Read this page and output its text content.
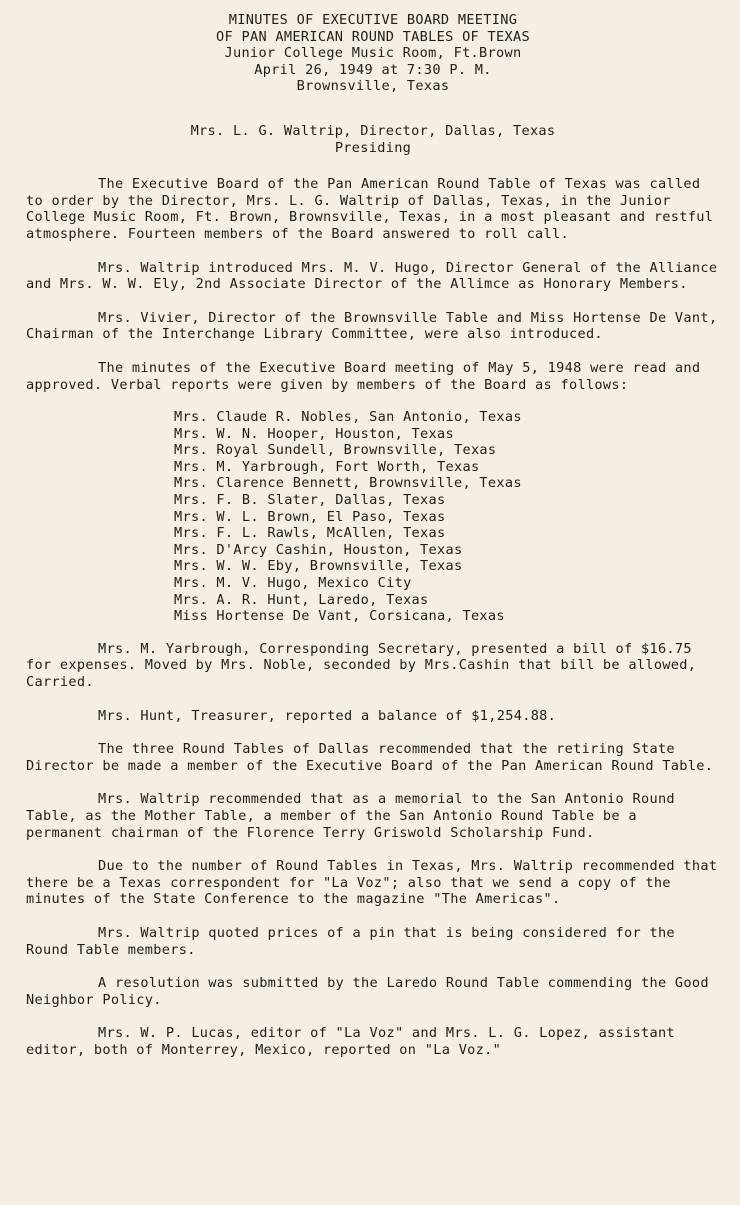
MINUTES OF EXECUTIVE BOARD MEETING
OF PAN AMERICAN ROUND TABLES OF TEXAS
Junior College Music Room, Ft.Brown
April 26, 1949 at 7:30 P. M.
Brownsville, Texas
Mrs. L. G. Waltrip, Director, Dallas, Texas
Presiding

The Executive Board of the Pan American Round Table of Texas was called to order by the Director, Mrs. L. G. Waltrip of Dallas, Texas, in the Junior College Music Room, Ft. Brown, Brownsville, Texas, in a most pleasant and restful atmosphere. Fourteen members of the Board answered to roll call.

Mrs. Waltrip introduced Mrs. M. V. Hugo, Director General of the Alliance and Mrs. W. W. Ely, 2nd Associate Director of the Allimce as Honorary Members.

Mrs. Vivier, Director of the Brownsville Table and Miss Hortense De Vant, Chairman of the Interchange Library Committee, were also introduced.

The minutes of the Executive Board meeting of May 5, 1948 were read and approved. Verbal reports were given by members of the Board as follows:

Mrs. Claude R. Nobles, San Antonio, Texas
Mrs. W. N. Hooper, Houston, Texas
Mrs. Royal Sundell, Brownsville, Texas
Mrs. M. Yarbrough, Fort Worth, Texas
Mrs. Clarence Bennett, Brownsville, Texas
Mrs. F. B. Slater, Dallas, Texas
Mrs. W. L. Brown, El Paso, Texas
Mrs. F. L. Rawls, McAllen, Texas
Mrs. D'Arcy Cashin, Houston, Texas
Mrs. W. W. Eby, Brownsville, Texas
Mrs. M. V. Hugo, Mexico City
Mrs. A. R. Hunt, Laredo, Texas
Miss Hortense De Vant, Corsicana, Texas

Mrs. M. Yarbrough, Corresponding Secretary, presented a bill of $16.75 for expenses. Moved by Mrs. Noble, seconded by Mrs.Cashin that bill be allowed, Carried.

Mrs. Hunt, Treasurer, reported a balance of $1,254.88.

The three Round Tables of Dallas recommended that the retiring State Director be made a member of the Executive Board of the Pan American Round Table.

Mrs. Waltrip recommended that as a memorial to the San Antonio Round Table, as the Mother Table, a member of the San Antonio Round Table be a permanent chairman of the Florence Terry Griswold Scholarship Fund.

Due to the number of Round Tables in Texas, Mrs. Waltrip recommended that there be a Texas correspondent for "La Voz"; also that we send a copy of the minutes of the State Conference to the magazine "The Americas".

Mrs. Waltrip quoted prices of a pin that is being considered for the Round Table members.

A resolution was submitted by the Laredo Round Table commending the Good Neighbor Policy.

Mrs. W. P. Lucas, editor of "La Voz" and Mrs. L. G. Lopez, assistant editor, both of Monterrey, Mexico, reported on "La Voz."
